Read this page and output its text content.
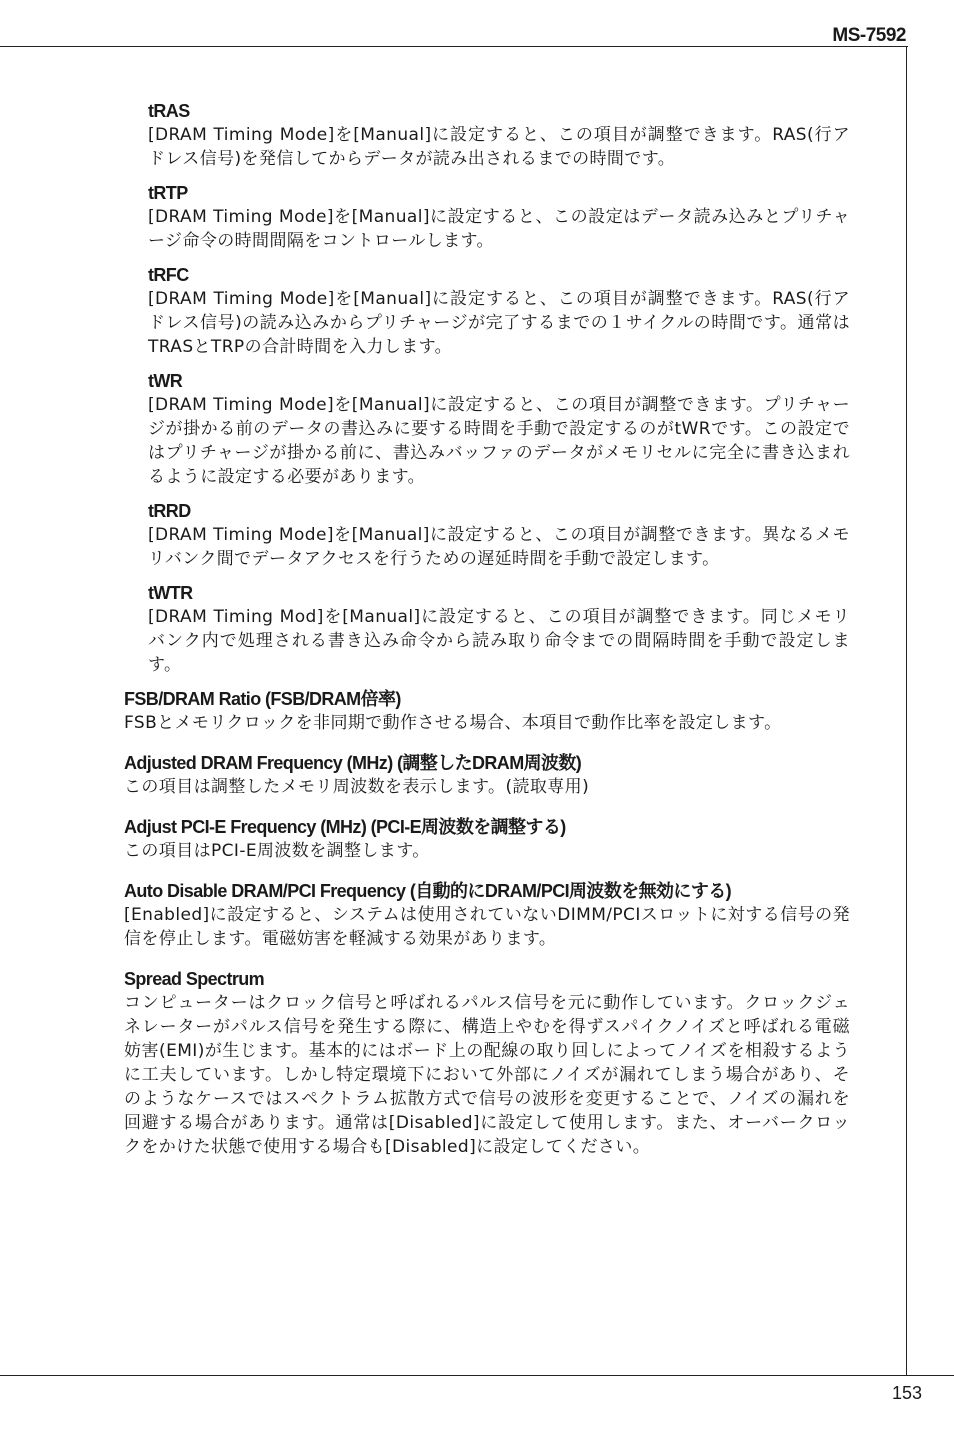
MS-7592
tRAS
[DRAM Timing Mode]を[Manual]に設定すると、この項目が調整できます。RAS(行アドレス信号)を発信してからデータが読み出されるまでの時間です。
tRTP
[DRAM Timing Mode]を[Manual]に設定すると、この設定はデータ読み込みとプリチャージ命令の時間間隔をコントロールします。
tRFC
[DRAM Timing Mode]を[Manual]に設定すると、この項目が調整できます。RAS(行アドレス信号)の読み込みからプリチャージが完了するまでの１サイクルの時間です。通常はTRASとTRPの合計時間を入力します。
tWR
[DRAM Timing Mode]を[Manual]に設定すると、この項目が調整できます。プリチャージが掛かる前のデータの書込みに要する時間を手動で設定するのがtWRです。この設定ではプリチャージが掛かる前に、書込みバッファのデータがメモリセルに完全に書き込まれるように設定する必要があります。
tRRD
[DRAM Timing Mode]を[Manual]に設定すると、この項目が調整できます。異なるメモリバンク間でデータアクセスを行うための遅延時間を手動で設定します。
tWTR
[DRAM Timing Mod]を[Manual]に設定すると、この項目が調整できます。同じメモリバンク内で処理される書き込み命令から読み取り命令までの間隔時間を手動で設定します。
FSB/DRAM Ratio (FSB/DRAM倍率)
FSBとメモリクロックを非同期で動作させる場合、本項目で動作比率を設定します。
Adjusted DRAM Frequency (MHz) (調整したDRAM周波数)
この項目は調整したメモリ周波数を表示します。(読取専用)
Adjust PCI-E Frequency (MHz) (PCI-E周波数を調整する)
この項目はPCI-E周波数を調整します。
Auto Disable DRAM/PCI Frequency (自動的にDRAM/PCI周波数を無効にする)
[Enabled]に設定すると、システムは使用されていないDIMM/PCIスロットに対する信号の発信を停止します。電磁妨害を軽減する効果があります。
Spread Spectrum
コンピューターはクロック信号と呼ばれるパルス信号を元に動作しています。クロックジェネレーターがパルス信号を発生する際に、構造上やむを得ずスパイクノイズと呼ばれる電磁妨害(EMI)が生じます。基本的にはボード上の配線の取り回しによってノイズを相殺するように工夫しています。しかし特定環境下において外部にノイズが漏れてしまう場合があり、そのようなケースではスペクトラム拡散方式で信号の波形を変更することで、ノイズの漏れを回避する場合があります。通常は[Disabled]に設定して使用します。また、オーバークロックをかけた状態で使用する場合も[Disabled]に設定してください。
153
